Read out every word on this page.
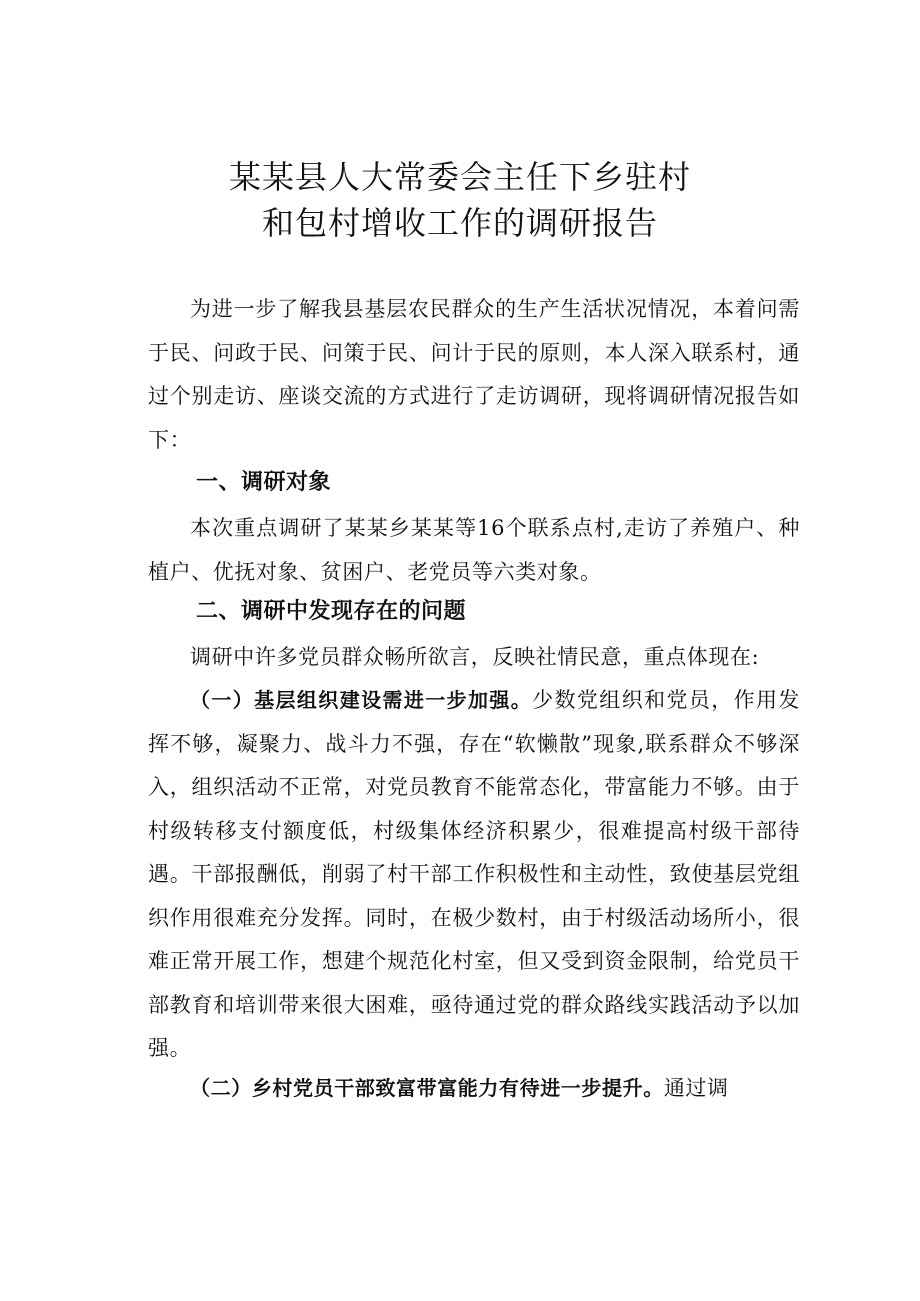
某某县人大常委会主任下乡驻村
和包村增收工作的调研报告
为进一步了解我县基层农民群众的生产生活状况情况，本着问需于民、问政于民、问策于民、问计于民的原则，本人深入联系村，通过个别走访、座谈交流的方式进行了走访调研，现将调研情况报告如下：
一、调研对象
本次重点调研了某某乡某某等16个联系点村,走访了养殖户、种植户、优抚对象、贫困户、老党员等六类对象。
二、调研中发现存在的问题
调研中许多党员群众畅所欲言，反映社情民意，重点体现在:
（一）基层组织建设需进一步加强。少数党组织和党员，作用发挥不够，凝聚力、战斗力不强，存在“软懒散”现象,联系群众不够深入，组织活动不正常，对党员教育不能常态化，带富能力不够。由于村级转移支付额度低，村级集体经济积累少，很难提高村级干部待遇。干部报酬低，削弱了村干部工作积极性和主动性，致使基层党组织作用很难充分发挥。同时，在极少数村，由于村级活动场所小，很难正常开展工作，想建个规范化村室，但又受到资金限制，给党员干部教育和培训带来很大困难，亟待通过党的群众路线实践活动予以加强。
（二）乡村党员干部致富带富能力有待进一步提升。通过调
